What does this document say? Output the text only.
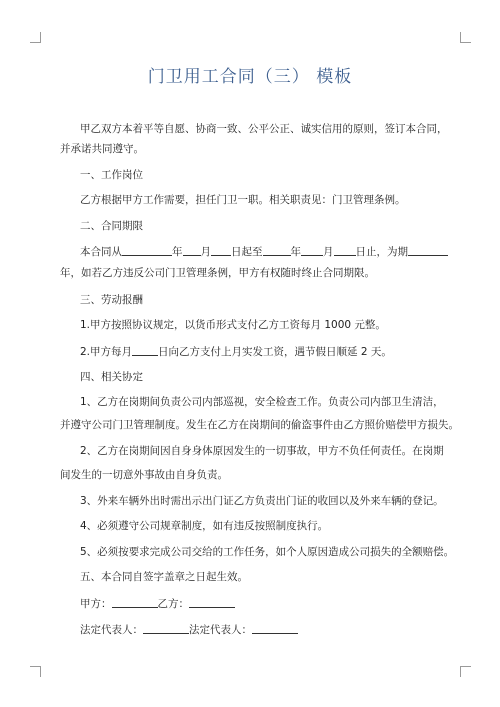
门卫用工合同（三） 模板
甲乙双方本着平等自愿、协商一致、公平公正、诚实信用的原则，签订本合同，
并承诺共同遵守。
一、工作岗位
乙方根据甲方工作需要，担任门卫一职。相关职责见：门卫管理条例。
二、合同期限
本合同从	年 月 日起至	年 月 日止，为期
年，如若乙方违反公司门卫管理条例，甲方有权随时终止合同期限。
三、劳动报酬
1.甲方按照协议规定，以货币形式支付乙方工资每月 1000 元整。
2.甲方每月 日向乙方支付上月实发工资，遇节假日顺延 2 天。
四、相关协定
1、乙方在岗期间负责公司内部巡视，安全检查工作。负责公司内部卫生清洁，
并遵守公司门卫管理制度。发生在乙方在岗期间的偷盗事件由乙方照价赔偿甲方损失。
2、乙方在岗期间因自身身体原因发生的一切事故，甲方不负任何责任。在岗期
间发生的一切意外事故由自身负责。
3、外来车辆外出时需出示出门证乙方负责出门证的收回以及外来车辆的登记。
4、必须遵守公司规章制度，如有违反按照制度执行。
5、必须按要求完成公司交给的工作任务，如个人原因造成公司损失的全额赔偿。
五、本合同自签字盖章之日起生效。
甲方：	乙方：
法定代表人：	法定代表人：
